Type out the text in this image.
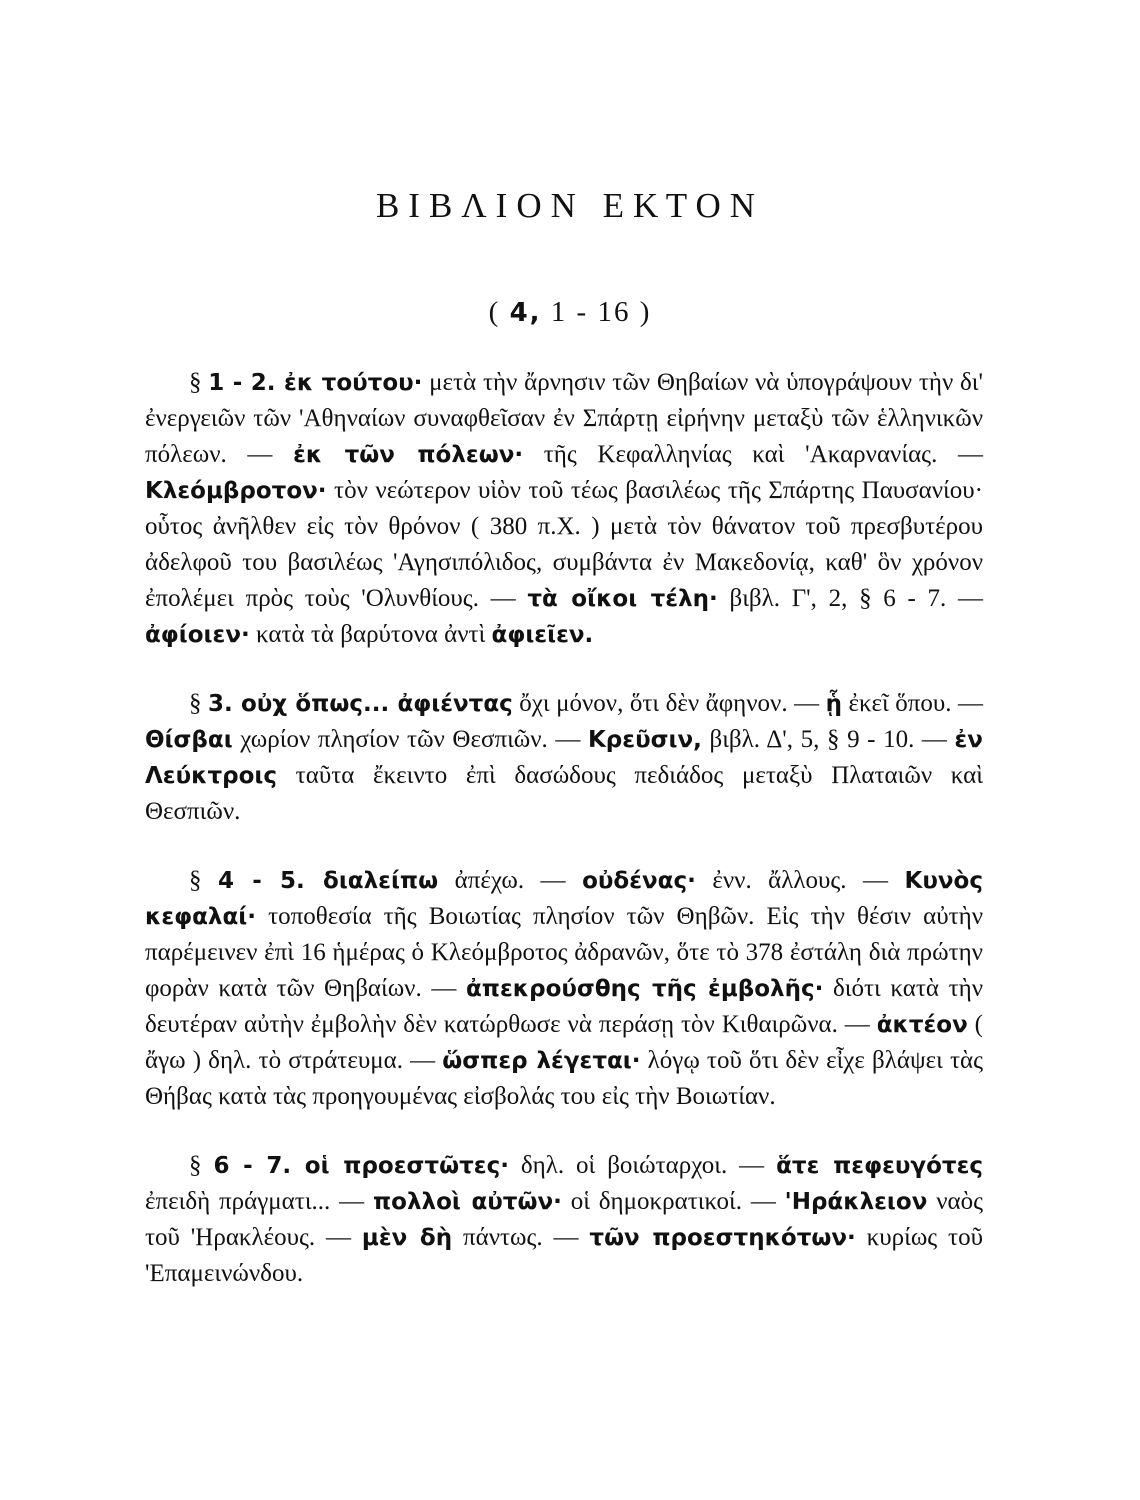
ΒΙΒΛΙΟΝ ΕΚΤΟΝ
( 4, 1 - 16 )

§ 1 - 2. ἐκ τούτου· μετὰ τὴν ἄρνησιν τῶν Θηβαίων νὰ ὑπογράψουν τὴν δι' ἐνεργειῶν τῶν 'Αθηναίων συναφθεῖσαν ἐν Σπάρτῃ εἰρήνην μεταξὺ τῶν ἑλληνικῶν πόλεων. — ἐκ τῶν πόλεων· τῆς Κεφαλληνίας καὶ 'Ακαρνανίας. — Κλεόμβροτον· τὸν νεώτερον υἱὸν τοῦ τέως βασιλέως τῆς Σπάρτης Παυσανίου· οὗτος ἀνῆλθεν εἰς τὸν θρόνον ( 380 π.Χ. ) μετὰ τὸν θάνατον τοῦ πρεσβυτέρου ἀδελφοῦ του βασιλέως 'Αγησιπόλιδος, συμβάντα ἐν Μακεδονίᾳ, καθ' ὃν χρόνον ἐπολέμει πρὸς τοὺς 'Ολυνθίους. — τὰ οἴκοι τέλη· βιβλ. Γ', 2, § 6 - 7. — ἀφίοιεν· κατὰ τὰ βαρύτονα ἀντὶ ἀφιεῖεν.

§ 3. οὐχ ὅπως... ἀφιέντας ὄχι μόνον, ὅτι δὲν ἄφηνον. — ᾗ ἐκεῖ ὅπου. — Θίσβαι χωρίον πλησίον τῶν Θεσπιῶν. — Κρεῦσιν, βιβλ. Δ', 5, § 9 - 10. — ἐν Λεύκτροις ταῦτα ἔκειντο ἐπὶ δασώδους πεδιάδος μεταξὺ Πλαταιῶν καὶ Θεσπιῶν.

§ 4 - 5. διαλείπω ἀπέχω. — οὐδένας· ἐνν. ἄλλους. — Κυνὸς κεφαλαί· τοποθεσία τῆς Βοιωτίας πλησίον τῶν Θηβῶν. Εἰς τὴν θέσιν αὐτὴν παρέμεινεν ἐπὶ 16 ἡμέρας ὁ Κλεόμβροτος ἀδρανῶν, ὅτε τὸ 378 ἐστάλη διὰ πρώτην φορὰν κατὰ τῶν Θηβαίων. — ἀπεκρούσθης τῆς ἐμβολῆς· διότι κατὰ τὴν δευτέραν αὐτὴν ἐμβολὴν δὲν κατώρθωσε νὰ περάσῃ τὸν Κιθαιρῶνα. — ἀκτέον ( ἄγω ) δηλ. τὸ στράτευμα. — ὥσπερ λέγεται· λόγῳ τοῦ ὅτι δὲν εἶχε βλάψει τὰς Θήβας κατὰ τὰς προηγουμένας εἰσβολάς του εἰς τὴν Βοιωτίαν.

§ 6 - 7. οἱ προεστῶτες· δηλ. οἱ βοιώταρχοι. — ἅτε πεφευγότες ἐπειδὴ πράγματι... — πολλοὶ αὐτῶν· οἱ δημοκρατικοί. — 'Ηράκλειον ναὸς τοῦ 'Ηρακλέους. — μὲν δὴ πάντως. — τῶν προεστηκότων· κυρίως τοῦ 'Επαμεινώνδου.
